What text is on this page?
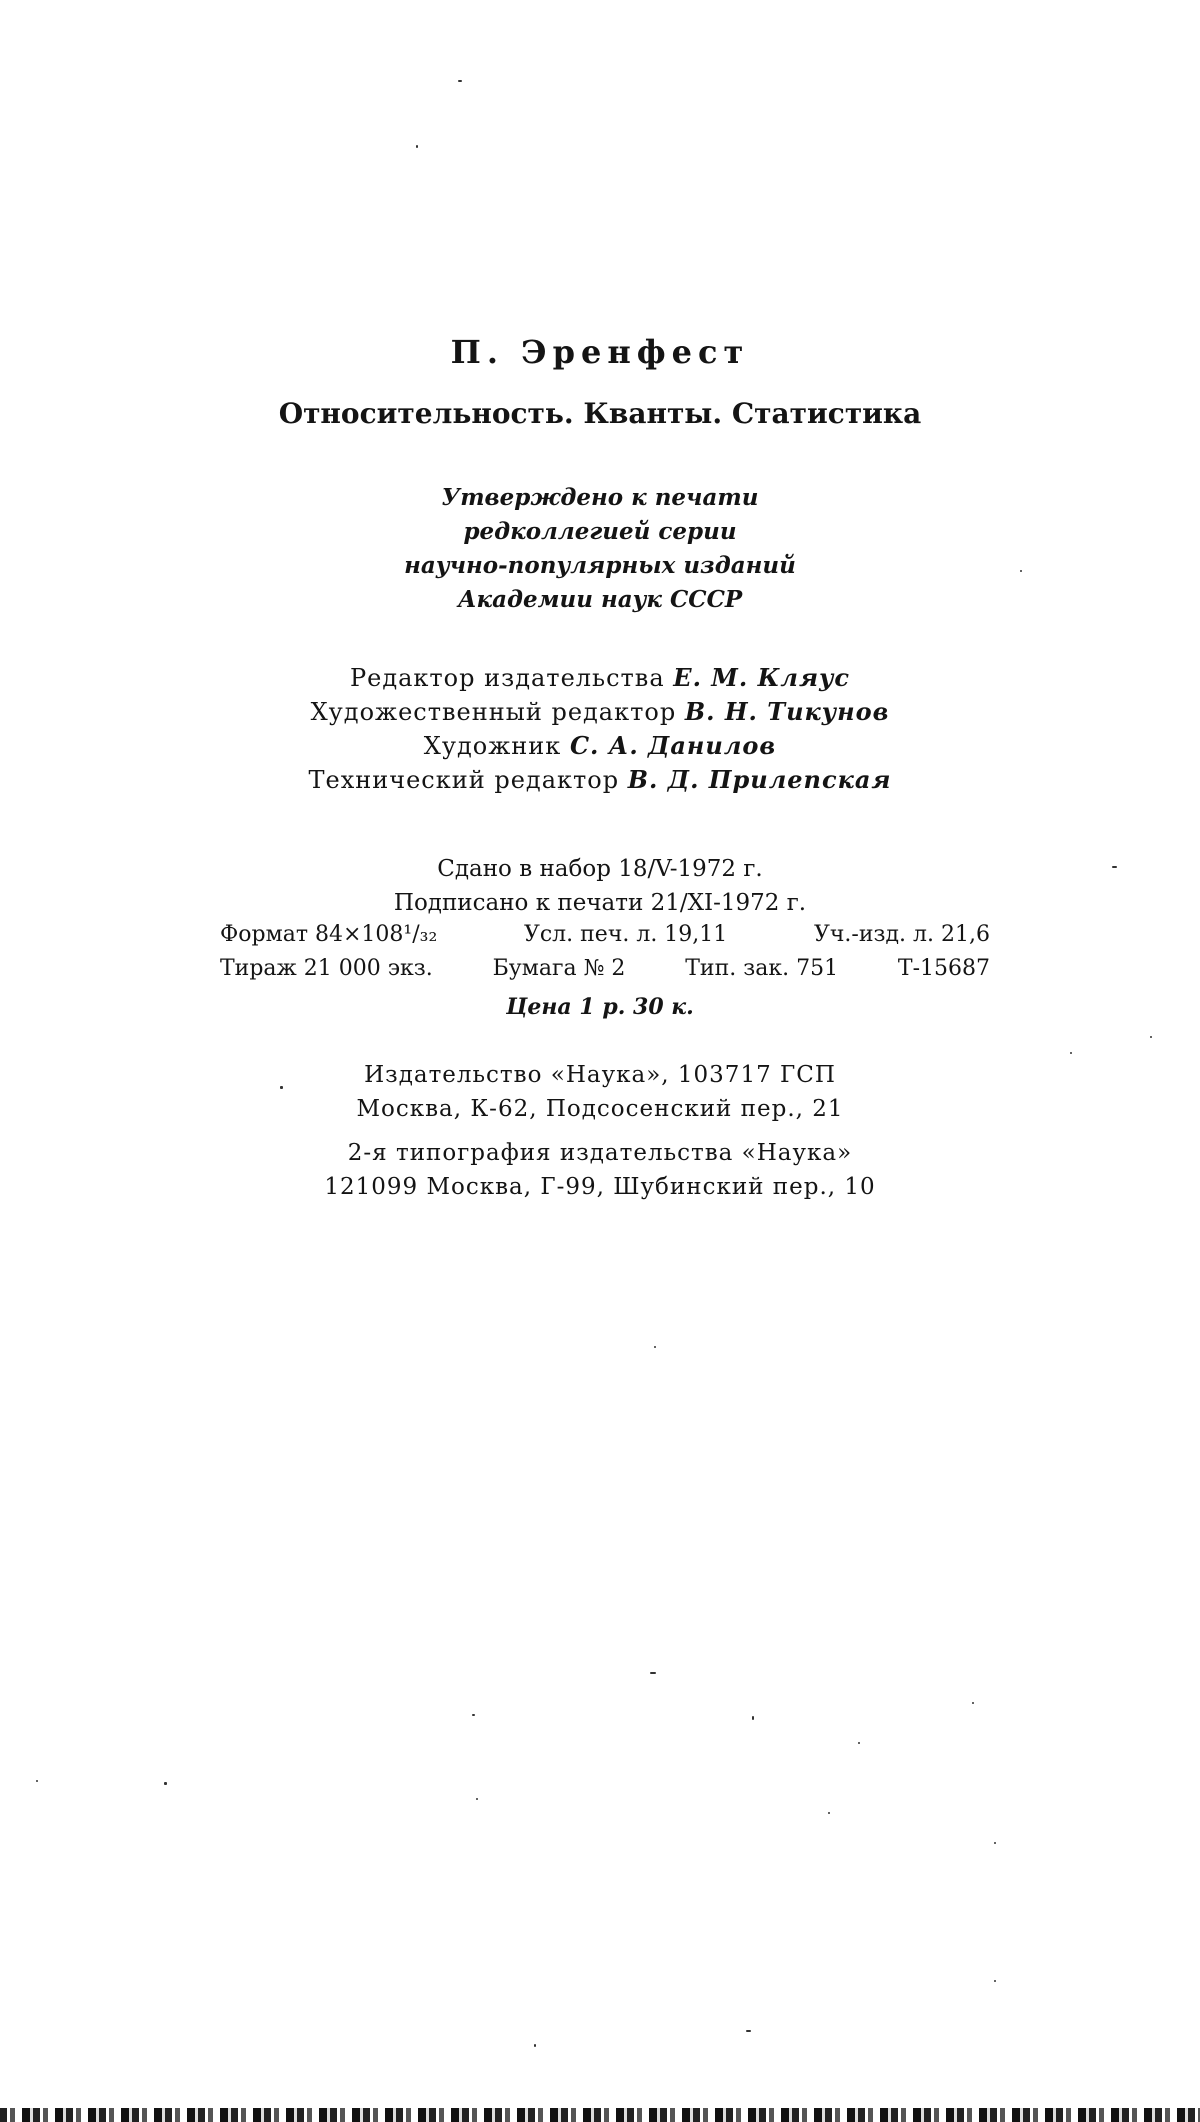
П. Эренфест
Относительность. Кванты. Статистика
Утверждено к печати
редколлегией серии
научно-популярных изданий
Академии наук СССР
Редактор издательства Е. М. Кляус
Художественный редактор В. Н. Тикунов
Художник С. А. Данилов
Технический редактор В. Д. Прилепская
Сдано в набор 18/V-1972 г.
Подписано к печати 21/XI-1972 г.
Формат 84×108¹/₃₂	Усл. печ. л. 19,11	Уч.-изд. л. 21,6
Тираж 21 000 экз.	Бумага № 2	Тип. зак. 751	Т-15687
Цена 1 р. 30 к.
Издательство «Наука», 103717 ГСП
Москва, К-62, Подсосенский пер., 21
2-я типография издательства «Наука»
121099 Москва, Г-99, Шубинский пер., 10
